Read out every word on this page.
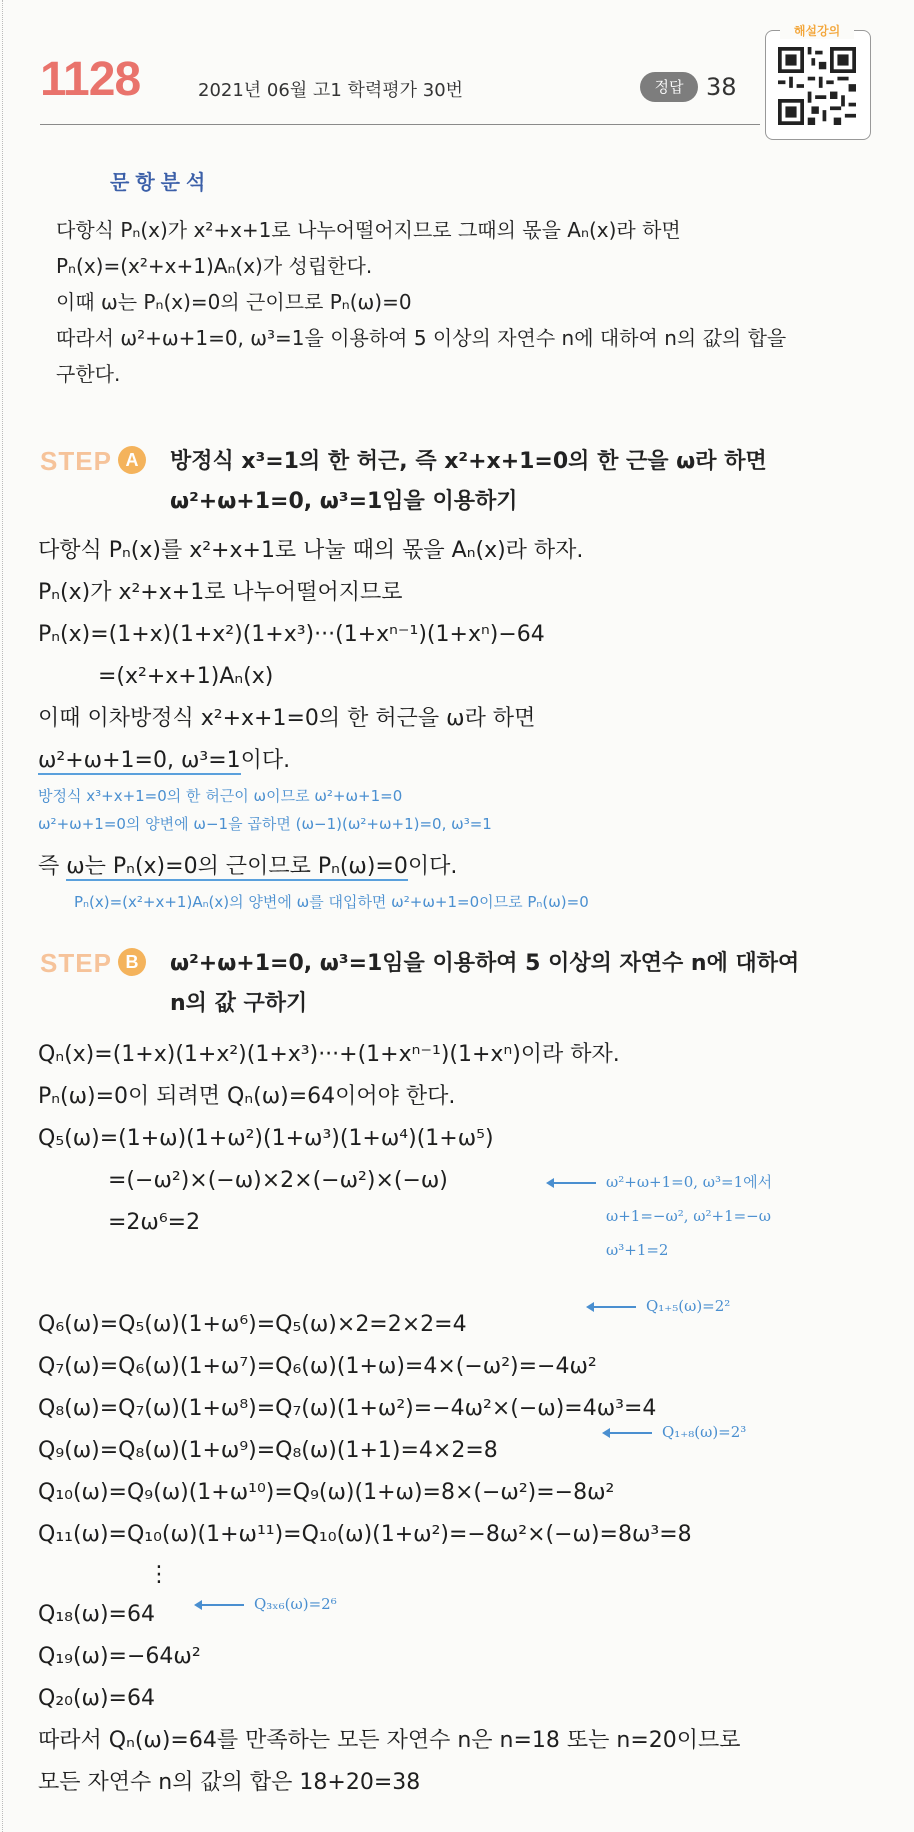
1128	2021년 06월 고1 학력평가 30번	정답 38
해설강의
문항분석
다항식 Pₙ(x)가 x²+x+1로 나누어떨어지므로 그때의 몫을 Aₙ(x)라 하면
Pₙ(x)=(x²+x+1)Aₙ(x)가 성립한다.
이때 ω는 Pₙ(x)=0의 근이므로 Pₙ(ω)=0
따라서 ω²+ω+1=0, ω³=1을 이용하여 5 이상의 자연수 n에 대하여 n의 값의 합을
구한다.
STEP A	방정식 x³=1의 한 허근, 즉 x²+x+1=0의 한 근을 ω라 하면
ω²+ω+1=0, ω³=1임을 이용하기
다항식 Pₙ(x)를 x²+x+1로 나눌 때의 몫을 Aₙ(x)라 하자.
Pₙ(x)가 x²+x+1로 나누어떨어지므로
Pₙ(x)=(1+x)(1+x²)(1+x³)···(1+xⁿ⁻¹)(1+xⁿ)−64
=(x²+x+1)Aₙ(x)
이때 이차방정식 x²+x+1=0의 한 허근을 ω라 하면
ω²+ω+1=0, ω³=1이다.
방정식 x³+x+1=0의 한 허근이 ω이므로 ω²+ω+1=0
ω²+ω+1=0의 양변에 ω−1을 곱하면 (ω−1)(ω²+ω+1)=0, ω³=1
즉 ω는 Pₙ(x)=0의 근이므로 Pₙ(ω)=0이다.
Pₙ(x)=(x²+x+1)Aₙ(x)의 양변에 ω를 대입하면 ω²+ω+1=0이므로 Pₙ(ω)=0
STEP B	ω²+ω+1=0, ω³=1임을 이용하여 5 이상의 자연수 n에 대하여
n의 값 구하기
Qₙ(x)=(1+x)(1+x²)(1+x³)···+(1+xⁿ⁻¹)(1+xⁿ)이라 하자.
Pₙ(ω)=0이 되려면 Qₙ(ω)=64이어야 한다.
Q₅(ω)=(1+ω)(1+ω²)(1+ω³)(1+ω⁴)(1+ω⁵)
=(−ω²)×(−ω)×2×(−ω²)×(−ω)
=2ω⁶=2
Q₆(ω)=Q₅(ω)(1+ω⁶)=Q₅(ω)×2=2×2=4
Q₇(ω)=Q₆(ω)(1+ω⁷)=Q₆(ω)(1+ω)=4×(−ω²)=−4ω²
Q₈(ω)=Q₇(ω)(1+ω⁸)=Q₇(ω)(1+ω²)=−4ω²×(−ω)=4ω³=4
Q₉(ω)=Q₈(ω)(1+ω⁹)=Q₈(ω)(1+1)=4×2=8
Q₁₀(ω)=Q₉(ω)(1+ω¹⁰)=Q₉(ω)(1+ω)=8×(−ω²)=−8ω²
Q₁₁(ω)=Q₁₀(ω)(1+ω¹¹)=Q₁₀(ω)(1+ω²)=−8ω²×(−ω)=8ω³=8
⋮
Q₁₈(ω)=64
Q₁₉(ω)=−64ω²
Q₂₀(ω)=64
따라서 Qₙ(ω)=64를 만족하는 모든 자연수 n은 n=18 또는 n=20이므로
모든 자연수 n의 값의 합은 18+20=38
ω²+ω+1=0, ω³=1에서
ω+1=−ω², ω²+1=−ω
ω³+1=2
Q₁₊₅(ω)=2²
Q₁₊₈(ω)=2³
Q₃ₓ₆(ω)=2⁶
